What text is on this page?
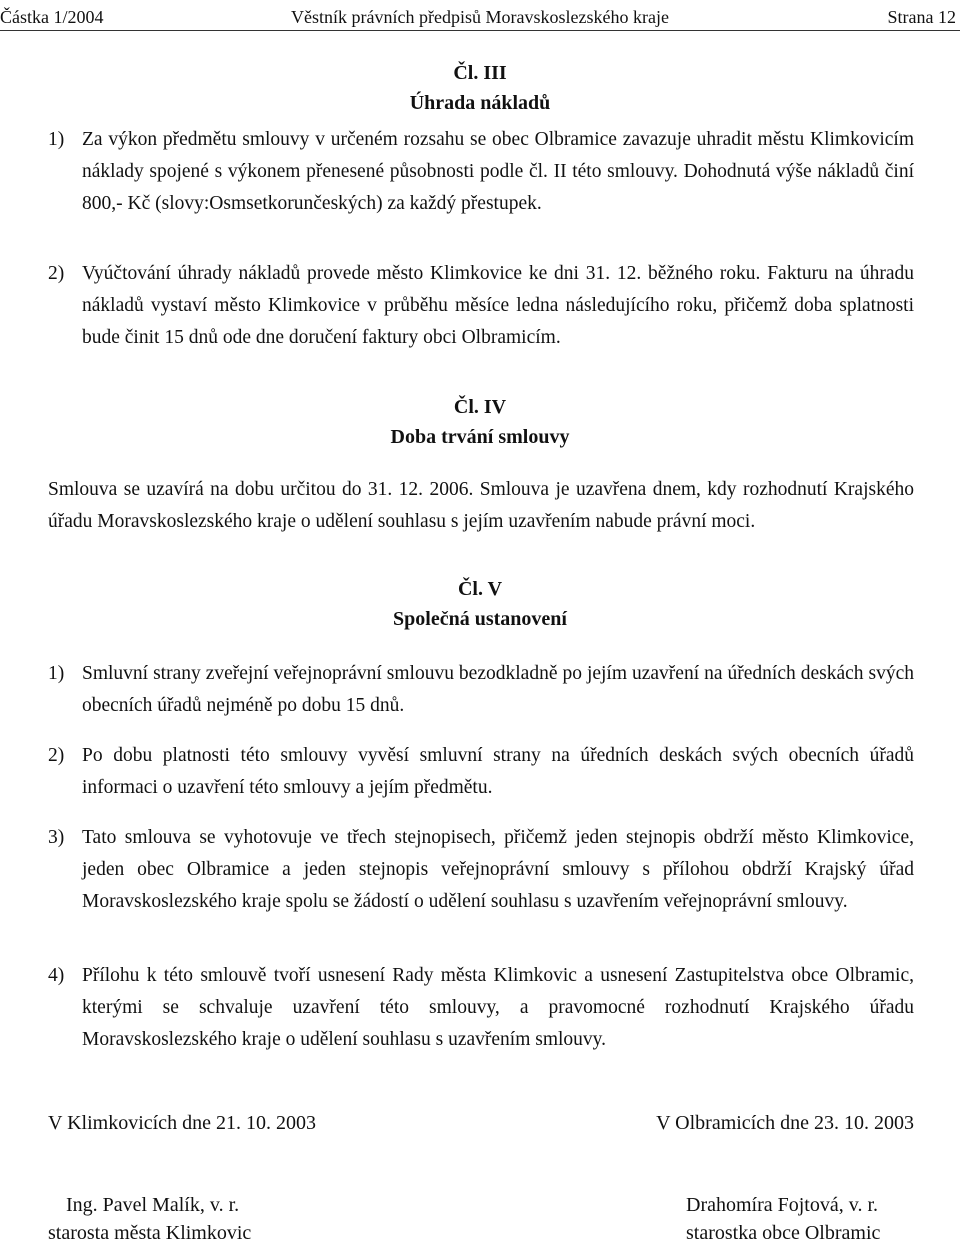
Částka 1/2004	Věstník právních předpisů Moravskoslezského kraje	Strana 12
Čl. III
Úhrada nákladů
1) Za výkon předmětu smlouvy v určeném rozsahu se obec Olbramice zavazuje uhradit městu Klimkovicím náklady spojené s výkonem přenesené působnosti podle čl. II této smlouvy. Dohodnutá výše nákladů činí 800,- Kč (slovy:Osmsetkorunčeských) za každý přestupek.
2) Vyúčtování úhrady nákladů provede město Klimkovice ke dni 31. 12. běžného roku. Fakturu na úhradu nákladů vystaví město Klimkovice v průběhu měsíce ledna následujícího roku, přičemž doba splatnosti bude činit 15 dnů ode dne doručení faktury obci Olbramicím.
Čl. IV
Doba trvání smlouvy
Smlouva se uzavírá na dobu určitou do 31. 12. 2006. Smlouva je uzavřena dnem, kdy rozhodnutí Krajského úřadu Moravskoslezského kraje o udělení souhlasu s jejím uzavřením nabude právní moci.
Čl. V
Společná ustanovení
1) Smluvní strany zveřejní veřejnoprávní smlouvu bezodkladně po jejím uzavření na úředních deskách svých obecních úřadů nejméně po dobu 15 dnů.
2) Po dobu platnosti této smlouvy vyvěsí smluvní strany na úředních deskách svých obecních úřadů informaci o uzavření této smlouvy a jejím předmětu.
3) Tato smlouva se vyhotovuje ve třech stejnopisech, přičemž jeden stejnopis obdrží město Klimkovice, jeden obec Olbramice a jeden stejnopis veřejnoprávní smlouvy s přílohou obdrží Krajský úřad Moravskoslezského kraje spolu se žádostí o udělení souhlasu s uzavřením veřejnoprávní smlouvy.
4) Přílohu k této smlouvě tvoří usnesení Rady města Klimkovic a usnesení Zastupitelstva obce Olbramic, kterými se schvaluje uzavření této smlouvy, a pravomocné rozhodnutí Krajského úřadu Moravskoslezského kraje o udělení souhlasu s uzavřením smlouvy.
V Klimkovicích dne 21. 10. 2003	V Olbramicích dne 23. 10. 2003
Ing. Pavel Malík, v. r.
starosta města Klimkovic
Drahomíra Fojtová, v. r.
starostka obce Olbramic
